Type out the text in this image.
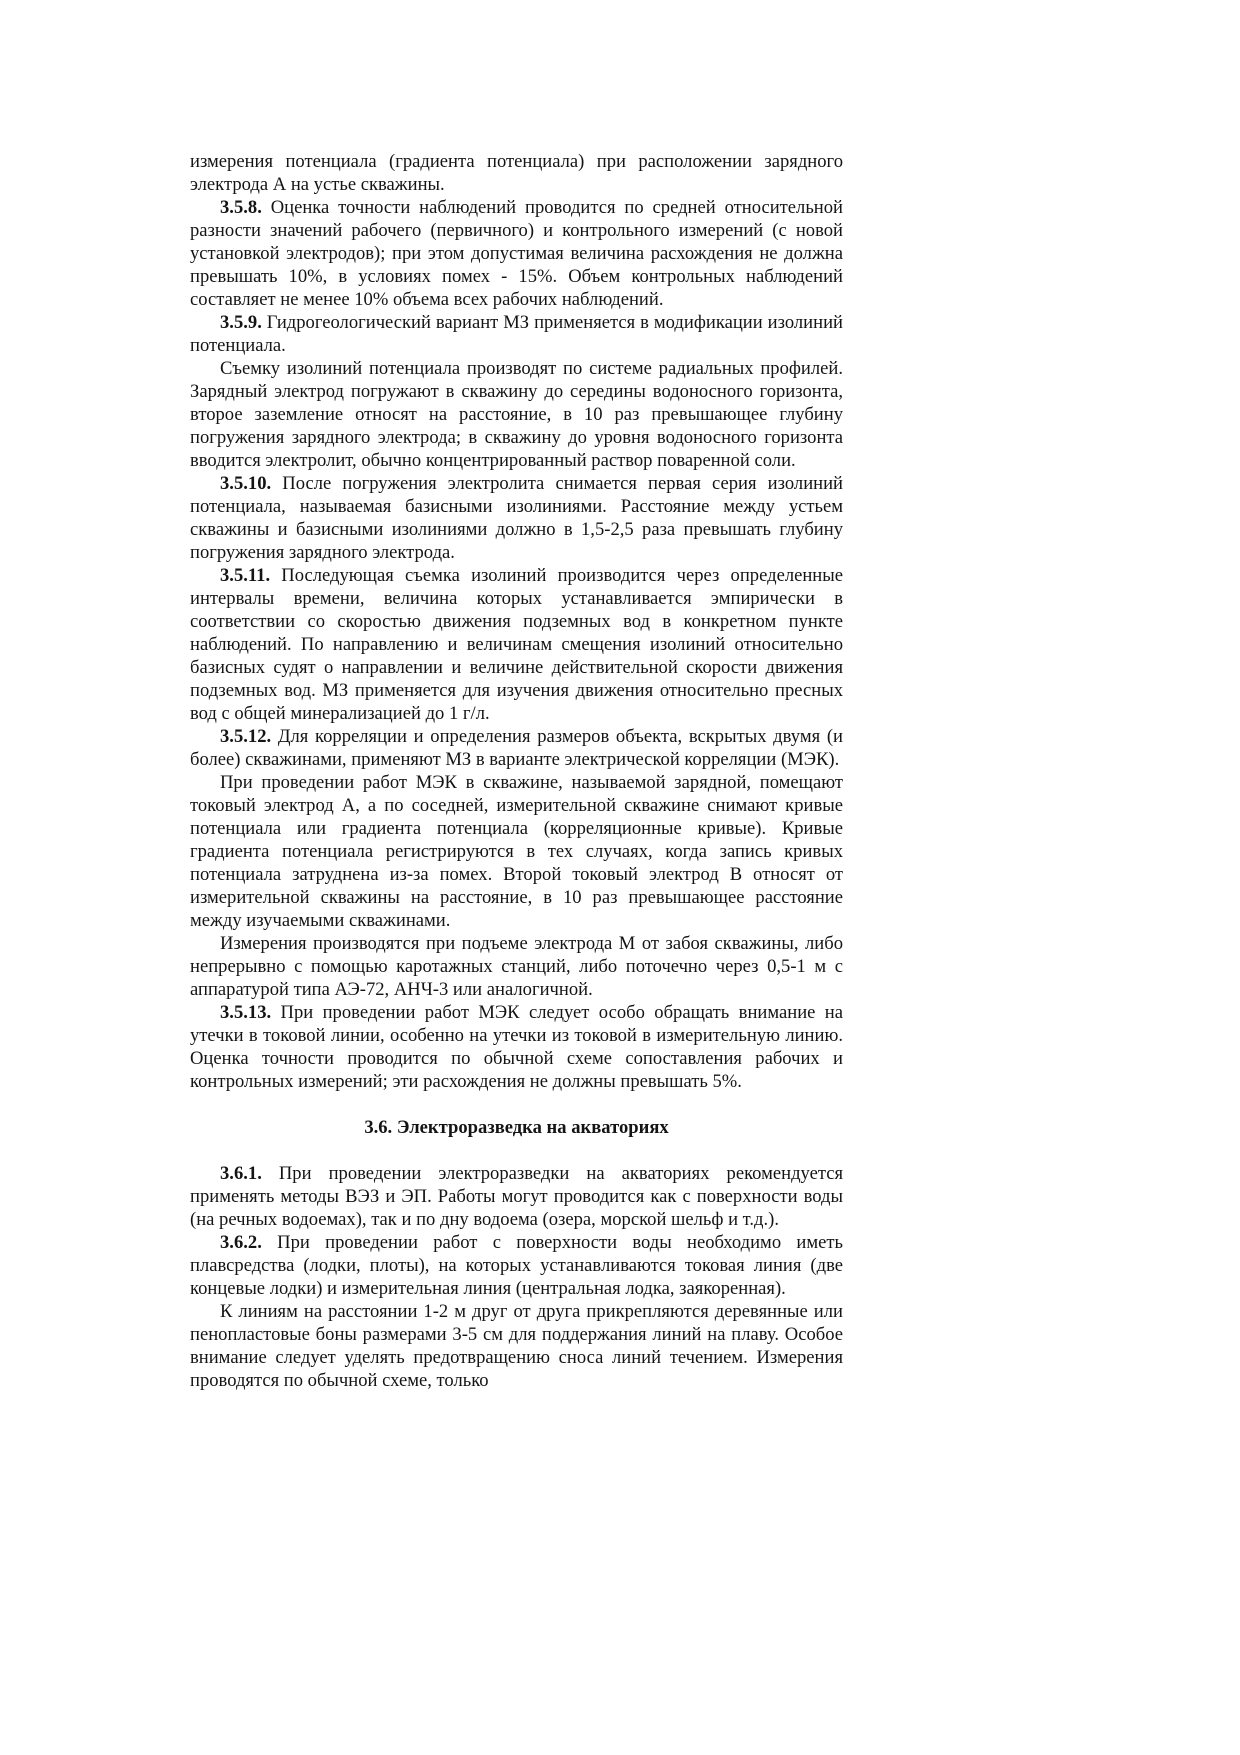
измерения потенциала (градиента потенциала) при расположении зарядного электрода А на устье скважины.

3.5.8. Оценка точности наблюдений проводится по средней относительной разности значений рабочего (первичного) и контрольного измерений (с новой установкой электродов); при этом допустимая величина расхождения не должна превышать 10%, в условиях помех - 15%. Объем контрольных наблюдений составляет не менее 10% объема всех рабочих наблюдений.

3.5.9. Гидрогеологический вариант МЗ применяется в модификации изолиний потенциала.

Съемку изолиний потенциала производят по системе радиальных профилей. Зарядный электрод погружают в скважину до середины водоносного горизонта, второе заземление относят на расстояние, в 10 раз превышающее глубину погружения зарядного электрода; в скважину до уровня водоносного горизонта вводится электролит, обычно концентрированный раствор поваренной соли.

3.5.10. После погружения электролита снимается первая серия изолиний потенциала, называемая базисными изолиниями. Расстояние между устьем скважины и базисными изолиниями должно в 1,5-2,5 раза превышать глубину погружения зарядного электрода.

3.5.11. Последующая съемка изолиний производится через определенные интервалы времени, величина которых устанавливается эмпирически в соответствии со скоростью движения подземных вод в конкретном пункте наблюдений. По направлению и величинам смещения изолиний относительно базисных судят о направлении и величине действительной скорости движения подземных вод. МЗ применяется для изучения движения относительно пресных вод с общей минерализацией до 1 г/л.

3.5.12. Для корреляции и определения размеров объекта, вскрытых двумя (и более) скважинами, применяют МЗ в варианте электрической корреляции (МЭК).

При проведении работ МЭК в скважине, называемой зарядной, помещают токовый электрод А, а по соседней, измерительной скважине снимают кривые потенциала или градиента потенциала (корреляционные кривые). Кривые градиента потенциала регистрируются в тех случаях, когда запись кривых потенциала затруднена из-за помех. Второй токовый электрод В относят от измерительной скважины на расстояние, в 10 раз превышающее расстояние между изучаемыми скважинами.

Измерения производятся при подъеме электрода М от забоя скважины, либо непрерывно с помощью каротажных станций, либо поточечно через 0,5-1 м с аппаратурой типа АЭ-72, АНЧ-3 или аналогичной.

3.5.13. При проведении работ МЭК следует особо обращать внимание на утечки в токовой линии, особенно на утечки из токовой в измерительную линию. Оценка точности проводится по обычной схеме сопоставления рабочих и контрольных измерений; эти расхождения не должны превышать 5%.

3.6. Электроразведка на акваториях

3.6.1. При проведении электроразведки на акваториях рекомендуется применять методы ВЭЗ и ЭП. Работы могут проводится как с поверхности воды (на речных водоемах), так и по дну водоема (озера, морской шельф и т.д.).

3.6.2. При проведении работ с поверхности воды необходимо иметь плавсредства (лодки, плоты), на которых устанавливаются токовая линия (две концевые лодки) и измерительная линия (центральная лодка, заякоренная).

К линиям на расстоянии 1-2 м друг от друга прикрепляются деревянные или пенопластовые боны размерами 3-5 см для поддержания линий на плаву. Особое внимание следует уделять предотвращению сноса линий течением. Измерения проводятся по обычной схеме, только
